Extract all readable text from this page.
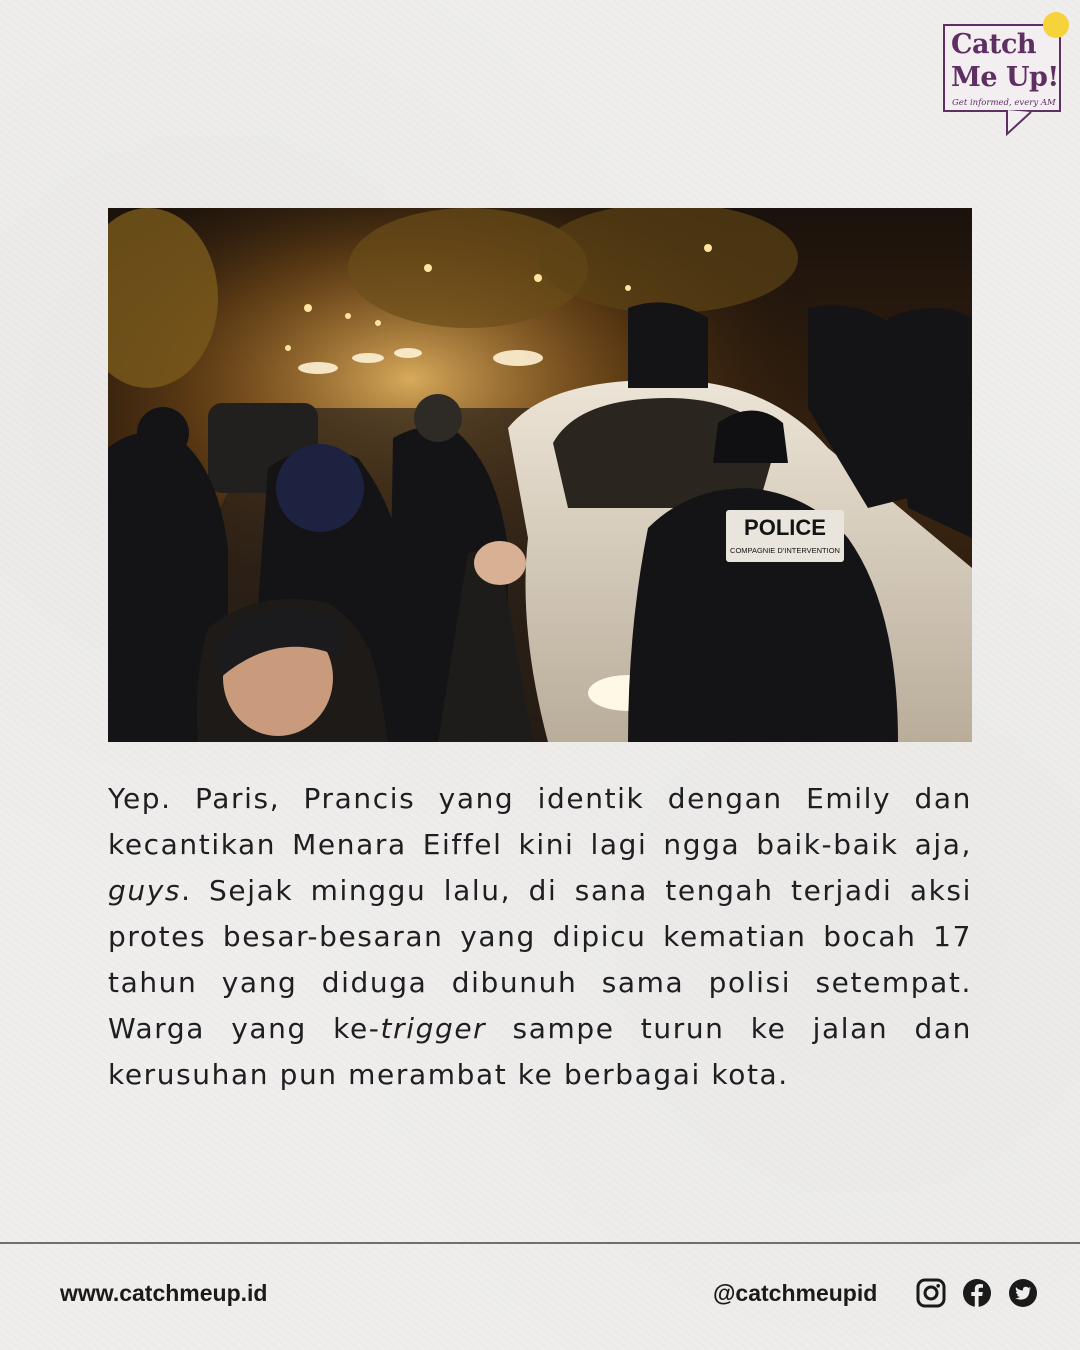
Catch
Me Up!
Get informed, every AM
POLICE
COMPAGNIE D'INTERVENTION

Yep. Paris, Prancis yang identik dengan Emily dan kecantikan Menara Eiffel kini lagi ngga baik-baik aja, guys. Sejak minggu lalu, di sana tengah terjadi aksi protes besar-besaran yang dipicu kematian bocah 17 tahun yang diduga dibunuh sama polisi setempat. Warga yang ke-trigger sampe turun ke jalan dan kerusuhan pun merambat ke berbagai kota.

www.catchmeup.id	@catchmeupid
